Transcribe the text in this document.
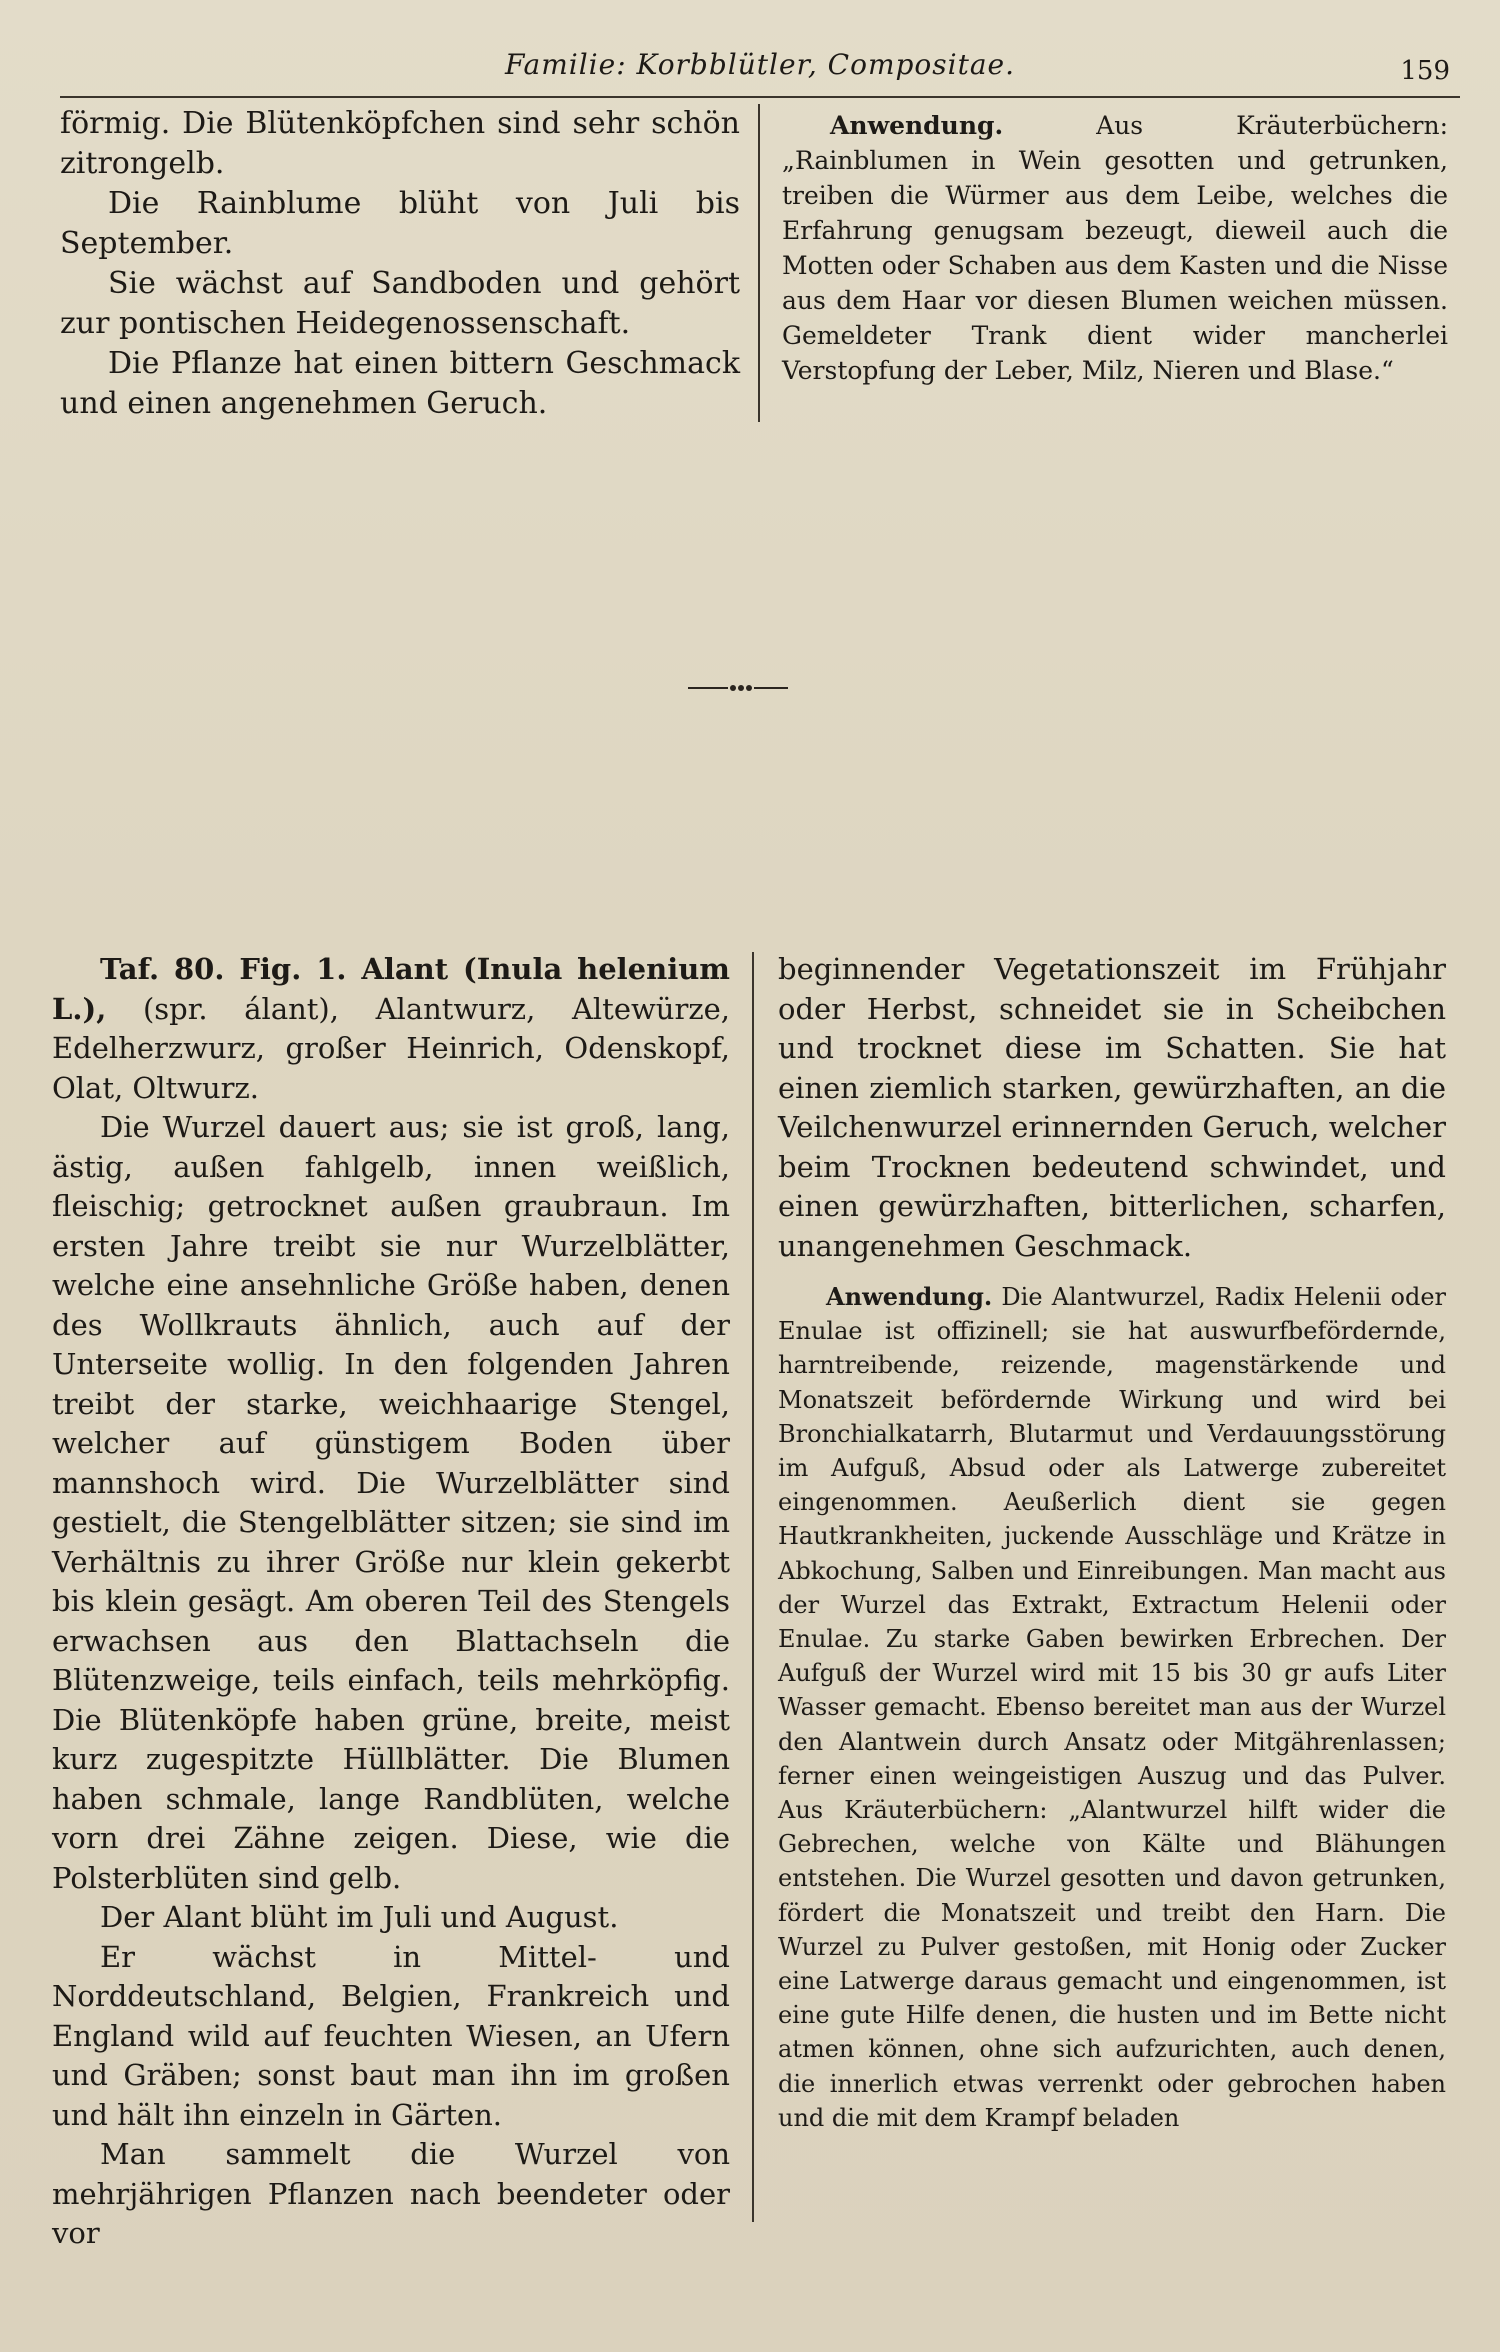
Familie: Korbblütler, Compositae.	159

förmig. Die Blütenköpfchen sind sehr schön zitrongelb.

Die Rainblume blüht von Juli bis September.

Sie wächst auf Sandboden und gehört zur pontischen Heidegenossenschaft.

Die Pflanze hat einen bittern Geschmack und einen angenehmen Geruch.

Anwendung.	Aus Kräuterbüchern: „Rainblumen in Wein gesotten und getrunken, treiben die Würmer aus dem Leibe, welches die Erfahrung genugsam bezeugt, dieweil auch die Motten oder Schaben aus dem Kasten und die Nisse aus dem Haar vor diesen Blumen weichen müssen. Gemeldeter Trank dient wider mancherlei Verstopfung der Leber, Milz, Nieren und Blase.“

Taf. 80. Fig. 1. Alant (Inula helenium L.), (spr. álant), Alantwurz, Altewürze, Edelherzwurz, großer Heinrich, Odenskopf, Olat, Oltwurz.

Die Wurzel dauert aus; sie ist groß, lang, ästig, außen fahlgelb, innen weißlich, fleischig; getrocknet außen graubraun. Im ersten Jahre treibt sie nur Wurzelblätter, welche eine ansehnliche Größe haben, denen des Wollkrauts ähnlich, auch auf der Unterseite wollig. In den folgenden Jahren treibt der starke, weichhaarige Stengel, welcher auf günstigem Boden über mannshoch wird. Die Wurzelblätter sind gestielt, die Stengelblätter sitzen; sie sind im Verhältnis zu ihrer Größe nur klein gekerbt bis klein gesägt. Am oberen Teil des Stengels erwachsen aus den Blattachseln die Blütenzweige, teils einfach, teils mehrköpfig. Die Blütenköpfe haben grüne, breite, meist kurz zugespitzte Hüllblätter. Die Blumen haben schmale, lange Randblüten, welche vorn drei Zähne zeigen. Diese, wie die Polsterblüten sind gelb.

Der Alant blüht im Juli und August.

Er wächst in Mittel- und Norddeutschland, Belgien, Frankreich und England wild auf feuchten Wiesen, an Ufern und Gräben; sonst baut man ihn im großen und hält ihn einzeln in Gärten.

Man sammelt die Wurzel von mehrjährigen Pflanzen nach beendeter oder vor

beginnender Vegetationszeit im Frühjahr oder Herbst, schneidet sie in Scheibchen und trocknet diese im Schatten. Sie hat einen ziemlich starken, gewürzhaften, an die Veilchenwurzel erinnernden Geruch, welcher beim Trocknen bedeutend schwindet, und einen gewürzhaften, bitterlichen, scharfen, unangenehmen Geschmack.

Anwendung. Die Alantwurzel, Radix Helenii oder Enulae ist offizinell; sie hat auswurfbefördernde, harntreibende, reizende, magenstärkende und Monatszeit befördernde Wirkung und wird bei Bronchialkatarrh, Blutarmut und Verdauungsstörung im Aufguß, Absud oder als Latwerge zubereitet eingenommen. Aeußerlich dient sie gegen Hautkrankheiten, juckende Ausschläge und Krätze in Abkochung, Salben und Einreibungen. Man macht aus der Wurzel das Extrakt, Extractum Helenii oder Enulae. Zu starke Gaben bewirken Erbrechen. Der Aufguß der Wurzel wird mit 15 bis 30 gr aufs Liter Wasser gemacht. Ebenso bereitet man aus der Wurzel den Alantwein durch Ansatz oder Mitgährenlassen; ferner einen weingeistigen Auszug und das Pulver. Aus Kräuterbüchern: „Alantwurzel hilft wider die Gebrechen, welche von Kälte und Blähungen entstehen. Die Wurzel gesotten und davon getrunken, fördert die Monatszeit und treibt den Harn. Die Wurzel zu Pulver gestoßen, mit Honig oder Zucker eine Latwerge daraus gemacht und eingenommen, ist eine gute Hilfe denen, die husten und im Bette nicht atmen können, ohne sich aufzurichten, auch denen, die innerlich etwas verrenkt oder gebrochen haben und die mit dem Krampf beladen
